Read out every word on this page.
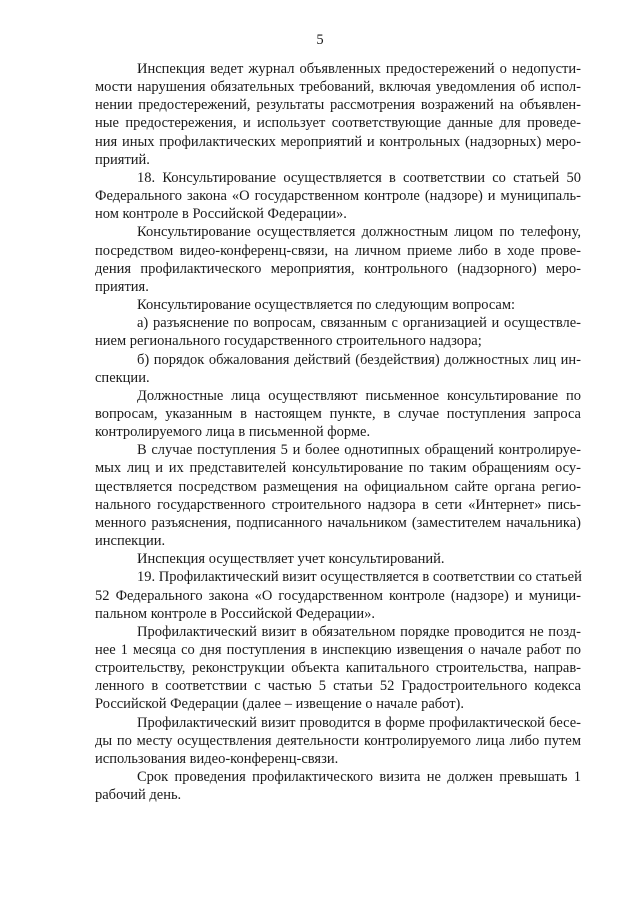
5
Инспекция ведет журнал объявленных предостережений о недопусти-
мости нарушения обязательных требований, включая уведомления об испол-
нении предостережений, результаты рассмотрения возражений на объявлен-
ные предостережения, и использует соответствующие данные для проведе-
ния иных профилактических мероприятий и контрольных (надзорных) меро-
приятий.
18. Консультирование осуществляется в соответствии со статьей 50
Федерального закона «О государственном контроле (надзоре) и муниципаль-
ном контроле в Российской Федерации».
Консультирование осуществляется должностным лицом по телефону,
посредством видео-конференц-связи, на личном приеме либо в ходе прове-
дения профилактического мероприятия, контрольного (надзорного) меро-
приятия.
Консультирование осуществляется по следующим вопросам:
а) разъяснение по вопросам, связанным с организацией и осуществле-
нием регионального государственного строительного надзора;
б) порядок обжалования действий (бездействия) должностных лиц ин-
спекции.
Должностные лица осуществляют письменное консультирование по
вопросам, указанным в настоящем пункте, в случае поступления запроса
контролируемого лица в письменной форме.
В случае поступления 5 и более однотипных обращений контролируе-
мых лиц и их представителей консультирование по таким обращениям осу-
ществляется посредством размещения на официальном сайте органа регио-
нального государственного строительного надзора в сети «Интернет» пись-
менного разъяснения, подписанного начальником (заместителем начальника)
инспекции.
Инспекция осуществляет учет консультирований.
19. Профилактический визит осуществляется в соответствии со статьей
52 Федерального закона «О государственном контроле (надзоре) и муници-
пальном контроле в Российской Федерации».
Профилактический визит в обязательном порядке проводится не позд-
нее 1 месяца со дня поступления в инспекцию извещения о начале работ по
строительству, реконструкции объекта капитального строительства, направ-
ленного в соответствии с частью 5 статьи 52 Градостроительного кодекса
Российской Федерации (далее – извещение о начале работ).
Профилактический визит проводится в форме профилактической бесе-
ды по месту осуществления деятельности контролируемого лица либо путем
использования видео-конференц-связи.
Срок проведения профилактического визита не должен превышать 1
рабочий день.
